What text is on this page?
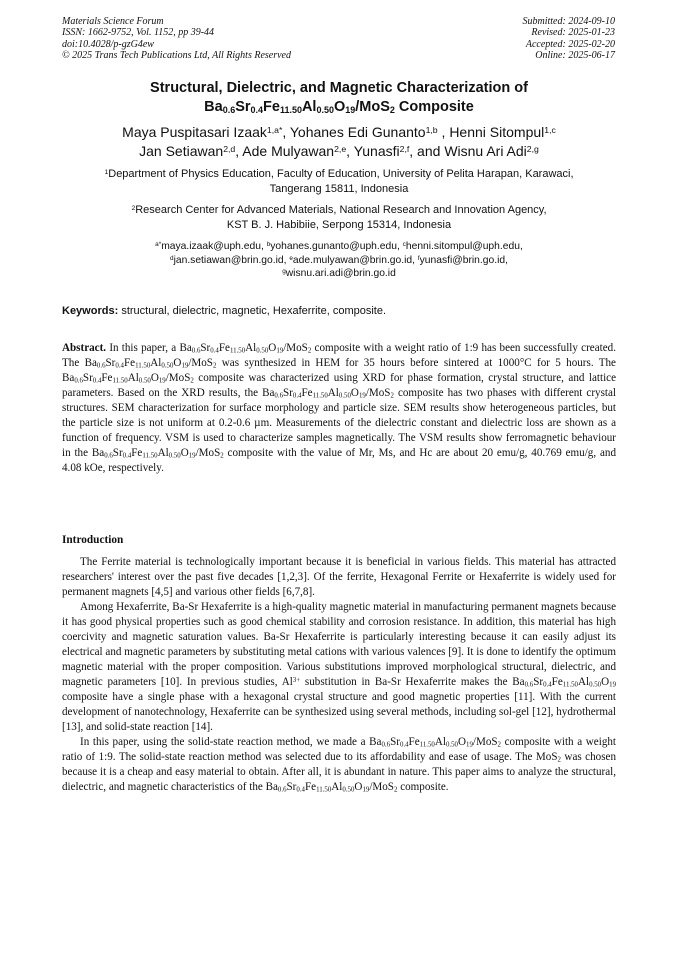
Materials Science Forum
ISSN: 1662-9752, Vol. 1152, pp 39-44
doi:10.4028/p-gzG4ew
© 2025 Trans Tech Publications Ltd, All Rights Reserved
Submitted: 2024-09-10
Revised: 2025-01-23
Accepted: 2025-02-20
Online: 2025-06-17
Structural, Dielectric, and Magnetic Characterization of
$Ba_{0.6}Sr_{0.4}Fe_{11.50}Al_{0.50}O_{19}/MoS_2$ Composite
Maya Puspitasari Izaak$^{1,a*}$, Yohanes Edi Gunanto$^{1,b}$ , Henni Sitompul$^{1,c}$
Jan Setiawan$^{2,d}$, Ade Mulyawan$^{2,e}$, Yunasfi$^{2,f}$, and Wisnu Ari Adi$^{2,g}$
$^1$Department of Physics Education, Faculty of Education, University of Pelita Harapan, Karawaci,
Tangerang 15811, Indonesia
$^2$Research Center for Advanced Materials, National Research and Innovation Agency,
KST B. J. Habibiie, Serpong 15314, Indonesia
$^{a*}$maya.izaak@uph.edu, $^b$yohanes.gunanto@uph.edu, $^c$henni.sitompul@uph.edu,
$^d$jan.setiawan@brin.go.id, $^e$ade.mulyawan@brin.go.id, $^f$yunasfi@brin.go.id,
$^g$wisnu.ari.adi@brin.go.id
Keywords: structural, dielectric, magnetic, Hexaferrite, composite.

Abstract. In this paper, a $Ba_{0.6}Sr_{0.4}Fe_{11.50}Al_{0.50}O_{19}/MoS_2$ composite with a weight ratio of 1:9 has been successfully created. The $Ba_{0.6}Sr_{0.4}Fe_{11.50}Al_{0.50}O_{19}/MoS_2$ was synthesized in HEM for 35 hours before sintered at 1000°C for 5 hours. The $Ba_{0.6}Sr_{0.4}Fe_{11.50}Al_{0.50}O_{19}/MoS_2$ composite was characterized using XRD for phase formation, crystal structure, and lattice parameters. Based on the XRD results, the $Ba_{0.6}Sr_{0.4}Fe_{11.50}Al_{0.50}O_{19}/MoS_2$ composite has two phases with different crystal structures. SEM characterization for surface morphology and particle size. SEM results show heterogeneous particles, but the particle size is not uniform at 0.2-0.6 µm. Measurements of the dielectric constant and dielectric loss are shown as a function of frequency. VSM is used to characterize samples magnetically. The VSM results show ferromagnetic behaviour in the $Ba_{0.6}Sr_{0.4}Fe_{11.50}Al_{0.50}O_{19}/MoS_2$ composite with the value of Mr, Ms, and Hc are about 20 emu/g, 40.769 emu/g, and 4.08 kOe, respectively.

Introduction

The Ferrite material is technologically important because it is beneficial in various fields. This material has attracted researchers' interest over the past five decades [1,2,3]. Of the ferrite, Hexagonal Ferrite or Hexaferrite is widely used for permanent magnets [4,5] and various other fields [6,7,8].

Among Hexaferrite, Ba-Sr Hexaferrite is a high-quality magnetic material in manufacturing permanent magnets because it has good physical properties such as good chemical stability and corrosion resistance. In addition, this material has high coercivity and magnetic saturation values. Ba-Sr Hexaferrite is particularly interesting because it can easily adjust its electrical and magnetic parameters by substituting metal cations with various valences [9]. It is done to identify the optimum magnetic material with the proper composition. Various substitutions improved morphological structural, dielectric, and magnetic parameters [10]. In previous studies, $Al^{3+}$ substitution in Ba-Sr Hexaferrite makes the $Ba_{0.6}Sr_{0.4}Fe_{11.50}Al_{0.50}O_{19}$ composite have a single phase with a hexagonal crystal structure and good magnetic properties [11]. With the current development of nanotechnology, Hexaferrite can be synthesized using several methods, including sol-gel [12], hydrothermal [13], and solid-state reaction [14].

In this paper, using the solid-state reaction method, we made a $Ba_{0.6}Sr_{0.4}Fe_{11.50}Al_{0.50}O_{19}/MoS_2$ composite with a weight ratio of 1:9. The solid-state reaction method was selected due to its affordability and ease of usage. The MoS$_2$ was chosen because it is a cheap and easy material to obtain. After all, it is abundant in nature. This paper aims to analyze the structural, dielectric, and magnetic characteristics of the $Ba_{0.6}Sr_{0.4}Fe_{11.50}Al_{0.50}O_{19}/MoS_2$ composite.
